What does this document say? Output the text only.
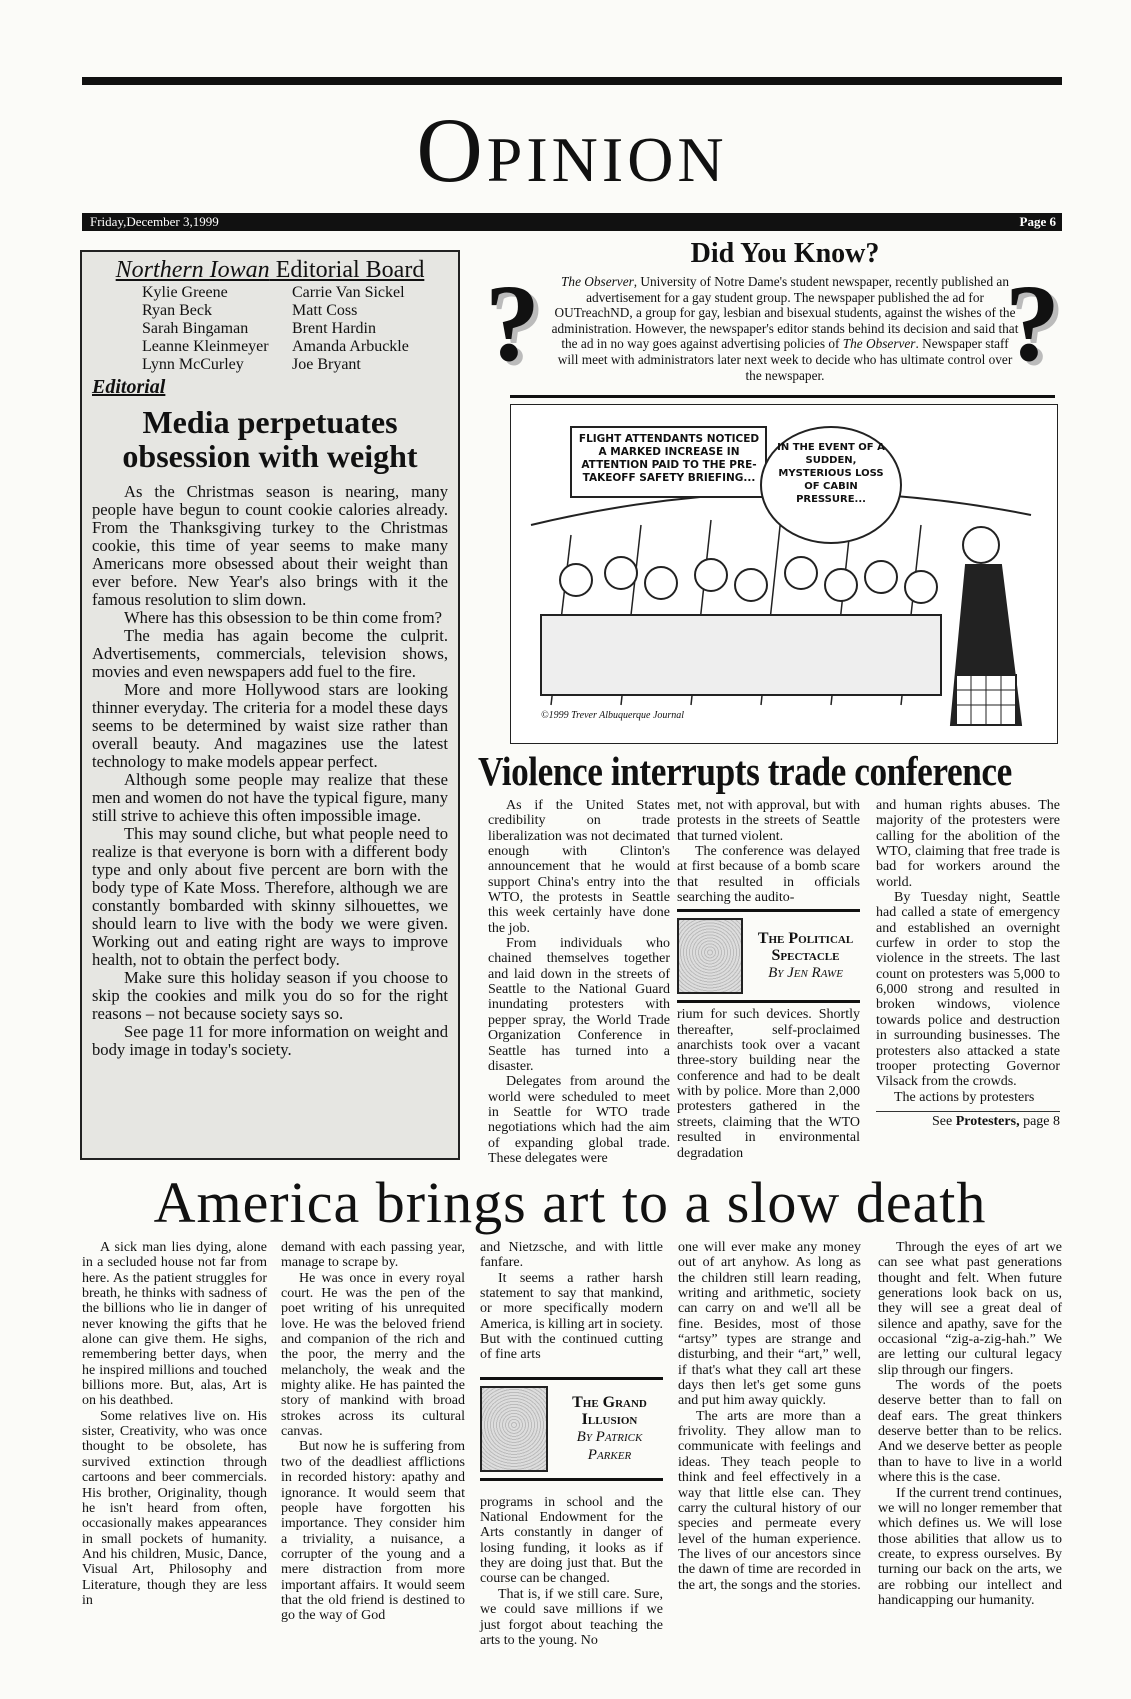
Opinion
Friday,December 3,1999	Page 6
Northern Iowan Editorial Board
Kylie Greene	Carrie Van Sickel
Ryan Beck	Matt Coss
Sarah Bingaman	Brent Hardin
Leanne Kleinmeyer	Amanda Arbuckle
Lynn McCurley	Joe Bryant
Editorial
Media perpetuates obsession with weight

As the Christmas season is nearing, many people have begun to count cookie calories already. From the Thanksgiving turkey to the Christmas cookie, this time of year seems to make many Americans more obsessed about their weight than ever before. New Year's also brings with it the famous resolution to slim down.

Where has this obsession to be thin come from?

The media has again become the culprit. Advertisements, commercials, television shows, movies and even newspapers add fuel to the fire.

More and more Hollywood stars are looking thinner everyday. The criteria for a model these days seems to be determined by waist size rather than overall beauty. And magazines use the latest technology to make models appear perfect.

Although some people may realize that these men and women do not have the typical figure, many still strive to achieve this often impossible image.

This may sound cliche, but what people need to realize is that everyone is born with a different body type and only about five percent are born with the body type of Kate Moss. Therefore, although we are constantly bombarded with skinny silhouettes, we should learn to live with the body we were given. Working out and eating right are ways to improve health, not to obtain the perfect body.

Make sure this holiday season if you choose to skip the cookies and milk you do so for the right reasons – not because society says so.

See page 11 for more information on weight and body image in today's society.

Did You Know?
?	?
The Observer, University of Notre Dame's student newspaper, recently published an advertisement for a gay student group. The newspaper published the ad for OUTreachND, a group for gay, lesbian and bisexual students, against the wishes of the administration. However, the newspaper's editor stands behind its decision and said that the ad in no way goes against advertising policies of The Observer. Newspaper staff will meet with administrators later next week to decide who has ultimate control over the newspaper.
FLIGHT ATTENDANTS NOTICED A MARKED INCREASE IN ATTENTION PAID TO THE PRE-TAKEOFF SAFETY BRIEFING...
IN THE EVENT OF A SUDDEN, MYSTERIOUS LOSS OF CABIN PRESSURE...
©1999 Trever Albuquerque Journal
Violence interrupts trade conference

As if the United States credibility on trade liberalization was not decimated enough with Clinton's announcement that he would support China's entry into the WTO, the protests in Seattle this week certainly have done the job.

From individuals who chained themselves together and laid down in the streets of Seattle to the National Guard inundating protesters with pepper spray, the World Trade Organization Conference in Seattle has turned into a disaster.

Delegates from around the world were scheduled to meet in Seattle for WTO trade negotiations which had the aim of expanding global trade. These delegates were

met, not with approval, but with protests in the streets of Seattle that turned violent.

The conference was delayed at first because of a bomb scare that resulted in officials searching the audito-

The Political Spectacle
By Jen Rawe

rium for such devices. Shortly thereafter, self-proclaimed anarchists took over a vacant three-story building near the conference and had to be dealt with by police. More than 2,000 protesters gathered in the streets, claiming that the WTO resulted in environmental degradation

and human rights abuses. The majority of the protesters were calling for the abolition of the WTO, claiming that free trade is bad for workers around the world.

By Tuesday night, Seattle had called a state of emergency and established an overnight curfew in order to stop the violence in the streets. The last count on protesters was 5,000 to 6,000 strong and resulted in broken windows, violence towards police and destruction in surrounding businesses. The protesters also attacked a state trooper protecting Governor Vilsack from the crowds.

The actions by protesters

See Protesters, page 8
America brings art to a slow death

A sick man lies dying, alone in a secluded house not far from here. As the patient struggles for breath, he thinks with sadness of the billions who lie in danger of never knowing the gifts that he alone can give them. He sighs, remembering better days, when he inspired millions and touched billions more. But, alas, Art is on his deathbed.

Some relatives live on. His sister, Creativity, who was once thought to be obsolete, has survived extinction through cartoons and beer commercials. His brother, Originality, though he isn't heard from often, occasionally makes appearances in small pockets of humanity. And his children, Music, Dance, Visual Art, Philosophy and Literature, though they are less in

demand with each passing year, manage to scrape by.

He was once in every royal court. He was the pen of the poet writing of his unrequited love. He was the beloved friend and companion of the rich and the poor, the merry and the melancholy, the weak and the mighty alike. He has painted the story of mankind with broad strokes across its cultural canvas.

But now he is suffering from two of the deadliest afflictions in recorded history: apathy and ignorance. It would seem that people have forgotten his importance. They consider him a triviality, a nuisance, a corrupter of the young and a mere distraction from more important affairs. It would seem that the old friend is destined to go the way of God

and Nietzsche, and with little fanfare.

It seems a rather harsh statement to say that mankind, or more specifically modern America, is killing art in society. But with the continued cutting of fine arts

The Grand Illusion
By Patrick Parker

programs in school and the National Endowment for the Arts constantly in danger of losing funding, it looks as if they are doing just that. But the course can be changed.

That is, if we still care. Sure, we could save millions if we just forgot about teaching the arts to the young. No

one will ever make any money out of art anyhow. As long as the children still learn reading, writing and arithmetic, society can carry on and we'll all be fine. Besides, most of those “artsy” types are strange and disturbing, and their “art,” well, if that's what they call art these days then let's get some guns and put him away quickly.

The arts are more than a frivolity. They allow man to communicate with feelings and ideas. They teach people to think and feel effectively in a way that little else can. They carry the cultural history of our species and permeate every level of the human experience. The lives of our ancestors since the dawn of time are recorded in the art, the songs and the stories.

Through the eyes of art we can see what past generations thought and felt. When future generations look back on us, they will see a great deal of silence and apathy, save for the occasional “zig-a-zig-hah.” We are letting our cultural legacy slip through our fingers.

The words of the poets deserve better than to fall on deaf ears. The great thinkers deserve better than to be relics. And we deserve better as people than to have to live in a world where this is the case.

If the current trend continues, we will no longer remember that which defines us. We will lose those abilities that allow us to create, to express ourselves. By turning our back on the arts, we are robbing our intellect and handicapping our humanity.
